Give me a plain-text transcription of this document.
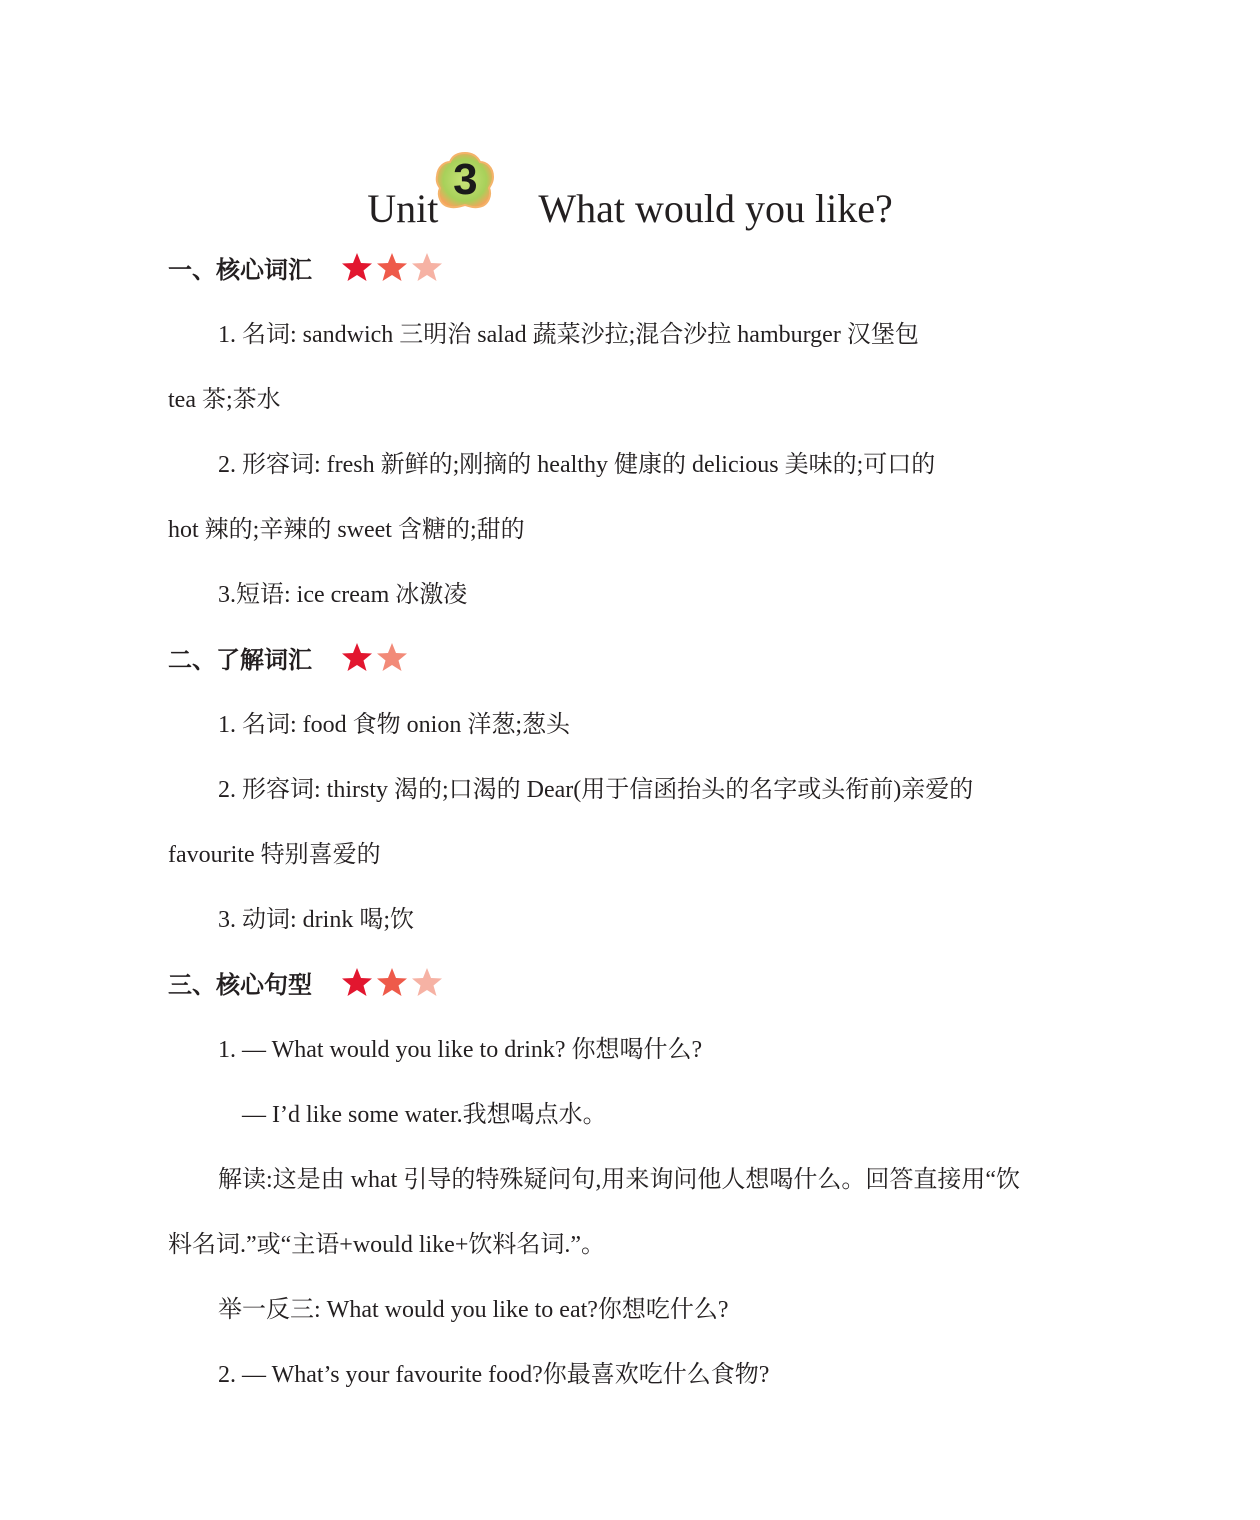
Unit
3
What would you like?
一、核心词汇
1. 名词: sandwich 三明治 salad 蔬菜沙拉;混合沙拉 hamburger 汉堡包
tea 茶;茶水
2. 形容词: fresh 新鲜的;刚摘的 healthy 健康的 delicious 美味的;可口的
hot 辣的;辛辣的 sweet 含糖的;甜的
3.短语: ice cream 冰激凌
二、了解词汇
1. 名词: food 食物 onion 洋葱;葱头
2. 形容词: thirsty 渴的;口渴的 Dear(用于信函抬头的名字或头衔前)亲爱的
favourite 特别喜爱的
3. 动词: drink 喝;饮
三、核心句型
1. — What would you like to drink? 你想喝什么?
— I’d like some water.我想喝点水。
解读:这是由 what 引导的特殊疑问句,用来询问他人想喝什么。回答直接用“饮
料名词.”或“主语+would like+饮料名词.”。
举一反三: What would you like to eat?你想吃什么?
2. — What’s your favourite food?你最喜欢吃什么食物?
